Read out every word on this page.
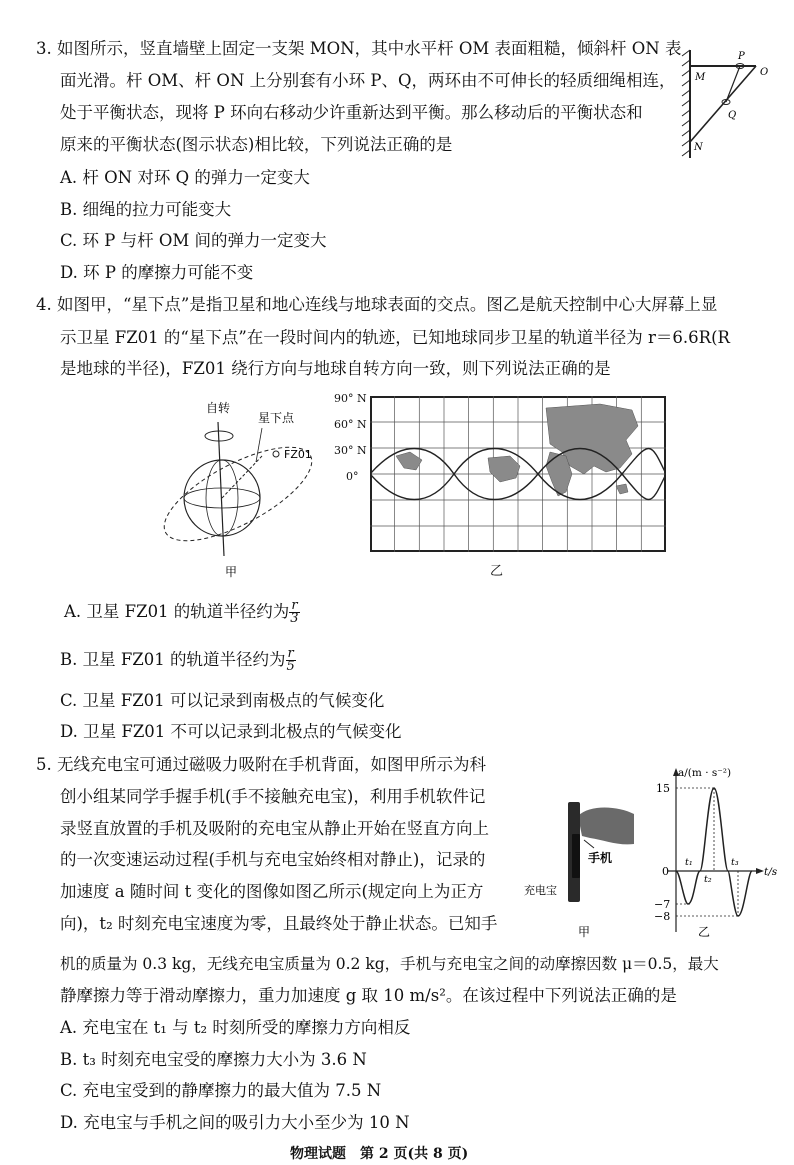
3. 如图所示，竖直墙壁上固定一支架 MON，其中水平杆 OM 表面粗糙，倾斜杆 ON 表
面光滑。杆 OM、杆 ON 上分别套有小环 P、Q，两环由不可伸长的轻质细绳相连，
处于平衡状态，现将 P 环向右移动少许重新达到平衡。那么移动后的平衡状态和
原来的平衡状态(图示状态)相比较，下列说法正确的是
A. 杆 ON 对环 Q 的弹力一定变大
B. 细绳的拉力可能变大
C. 环 P 与杆 OM 间的弹力一定变大
D. 环 P 的摩擦力可能不变
M
P
O
Q
N
4. 如图甲，“星下点”是指卫星和地心连线与地球表面的交点。图乙是航天控制中心大屏幕上显
示卫星 FZ01 的“星下点”在一段时间内的轨迹，已知地球同步卫星的轨道半径为 r＝6.6R(R
是地球的半径)，FZ01 绕行方向与地球自转方向一致，则下列说法正确的是
自转
星下点
FZ01
甲
90° N
60° N
30° N
0°
乙
A. 卫星 FZ01 的轨道半径约为 $\frac{r}{3}$
B. 卫星 FZ01 的轨道半径约为 $\frac{r}{5}$
C. 卫星 FZ01 可以记录到南极点的气候变化
D. 卫星 FZ01 不可以记录到北极点的气候变化
5. 无线充电宝可通过磁吸力吸附在手机背面，如图甲所示为科
创小组某同学手握手机(手不接触充电宝)，利用手机软件记
录竖直放置的手机及吸附的充电宝从静止开始在竖直方向上
的一次变速运动过程(手机与充电宝始终相对静止)，记录的
加速度 a 随时间 t 变化的图像如图乙所示(规定向上为正方
向)，t₂ 时刻充电宝速度为零，且最终处于静止状态。已知手
机的质量为 0.3 kg，无线充电宝质量为 0.2 kg，手机与充电宝之间的动摩擦因数 μ＝0.5，最大
静摩擦力等于滑动摩擦力，重力加速度 g 取 10 m/s²。在该过程中下列说法正确的是
手机
充电宝
甲
a/(m · s⁻²)
t/s
15
0
−7
−8
t₁
t₂
t₃
乙
A. 充电宝在 t₁ 与 t₂ 时刻所受的摩擦力方向相反
B. t₃ 时刻充电宝受的摩擦力大小为 3.6 N
C. 充电宝受到的静摩擦力的最大值为 7.5 N
D. 充电宝与手机之间的吸引力大小至少为 10 N
物理试题　第 2 页(共 8 页)
